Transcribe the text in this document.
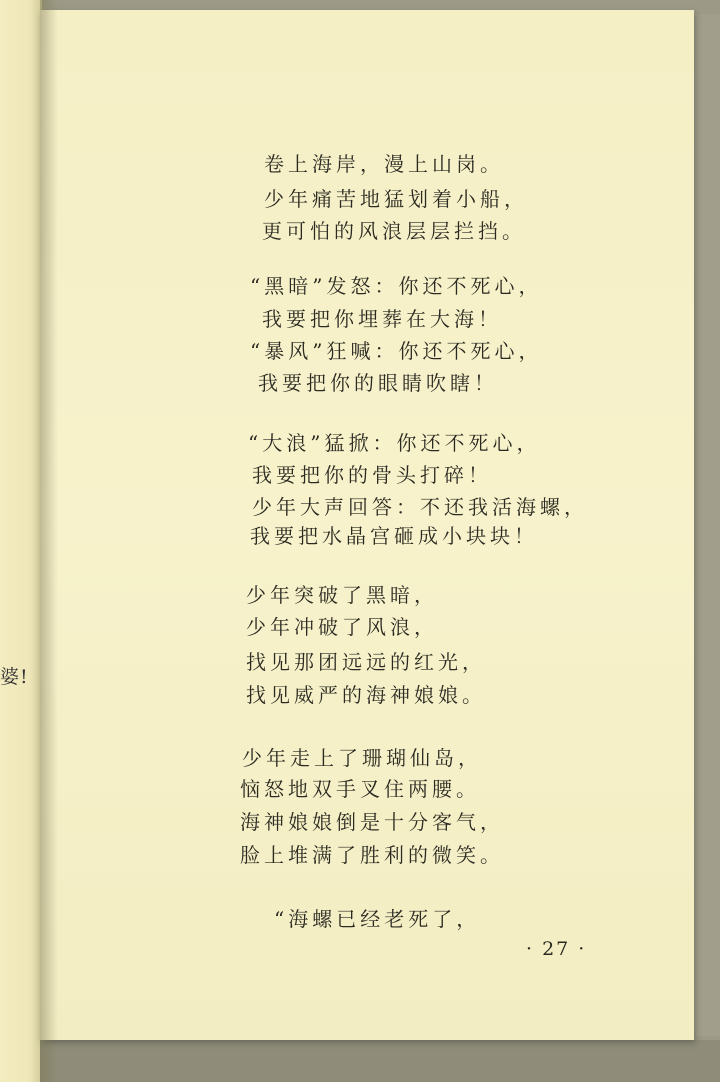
婆!
卷上海岸，漫上山岗。
少年痛苦地猛划着小船，
更可怕的风浪层层拦挡。
“黑暗”发怒：你还不死心，
我要把你埋葬在大海！
“暴风”狂喊：你还不死心，
我要把你的眼睛吹瞎！
“大浪”猛掀：你还不死心，
我要把你的骨头打碎！
少年大声回答：不还我活海螺，
我要把水晶宫砸成小块块！
少年突破了黑暗，
少年冲破了风浪，
找见那团远远的红光，
找见威严的海神娘娘。
少年走上了珊瑚仙岛，
恼怒地双手叉住两腰。
海神娘娘倒是十分客气，
脸上堆满了胜利的微笑。
“海螺已经老死了，
· 27 ·
